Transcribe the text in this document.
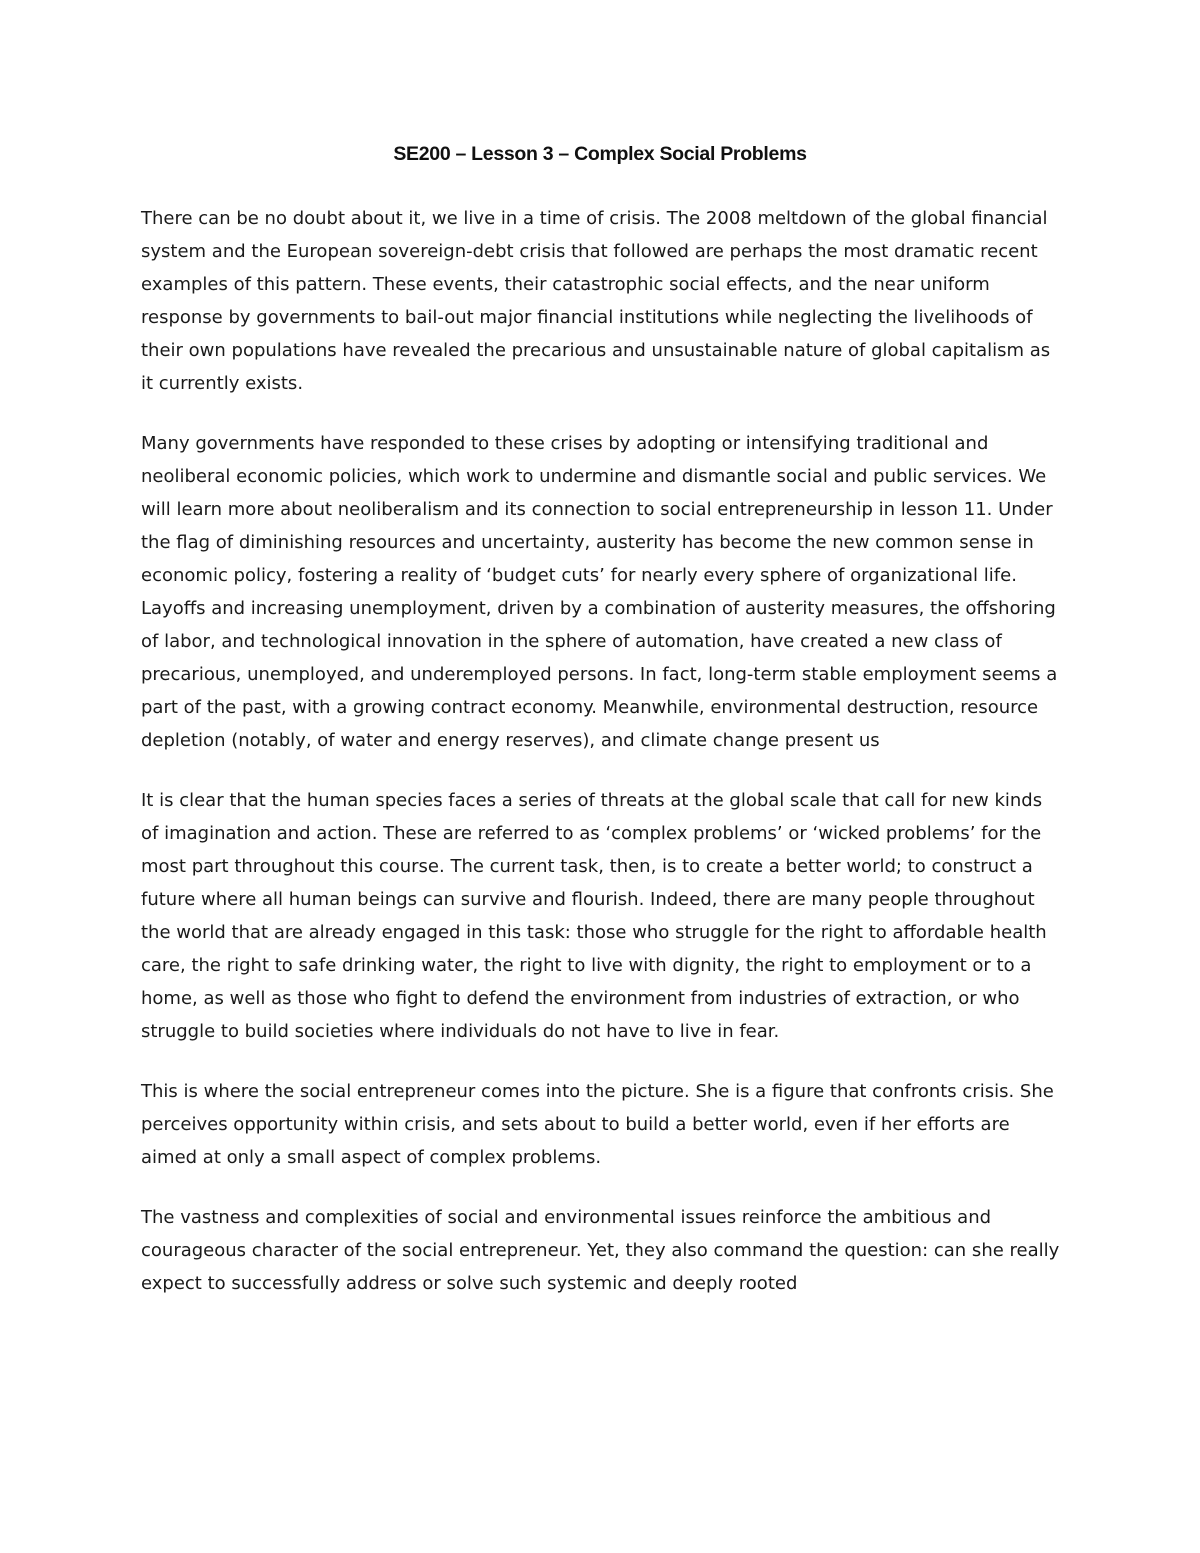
SE200 – Lesson 3 – Complex Social Problems

There can be no doubt about it, we live in a time of crisis. The 2008 meltdown of the global financial system and the European sovereign-debt crisis that followed are perhaps the most dramatic recent examples of this pattern. These events, their catastrophic social effects, and the near uniform response by governments to bail-out major financial institutions while neglecting the livelihoods of their own populations have revealed the precarious and unsustainable nature of global capitalism as it currently exists.

Many governments have responded to these crises by adopting or intensifying traditional and neoliberal economic policies, which work to undermine and dismantle social and public services. We will learn more about neoliberalism and its connection to social entrepreneurship in lesson 11. Under the flag of diminishing resources and uncertainty, austerity has become the new common sense in economic policy, fostering a reality of ‘budget cuts’ for nearly every sphere of organizational life. Layoffs and increasing unemployment, driven by a combination of austerity measures, the offshoring of labor, and technological innovation in the sphere of automation, have created a new class of precarious, unemployed, and underemployed persons. In fact, long-term stable employment seems a part of the past, with a growing contract economy. Meanwhile, environmental destruction, resource depletion (notably, of water and energy reserves), and climate change present us

It is clear that the human species faces a series of threats at the global scale that call for new kinds of imagination and action. These are referred to as ‘complex problems’ or ‘wicked problems’ for the most part throughout this course. The current task, then, is to create a better world; to construct a future where all human beings can survive and flourish. Indeed, there are many people throughout the world that are already engaged in this task: those who struggle for the right to affordable health care, the right to safe drinking water, the right to live with dignity, the right to employment or to a home, as well as those who fight to defend the environment from industries of extraction, or who struggle to build societies where individuals do not have to live in fear.

This is where the social entrepreneur comes into the picture. She is a figure that confronts crisis. She perceives opportunity within crisis, and sets about to build a better world, even if her efforts are aimed at only a small aspect of complex problems.

The vastness and complexities of social and environmental issues reinforce the ambitious and courageous character of the social entrepreneur. Yet, they also command the question: can she really expect to successfully address or solve such systemic and deeply rooted
